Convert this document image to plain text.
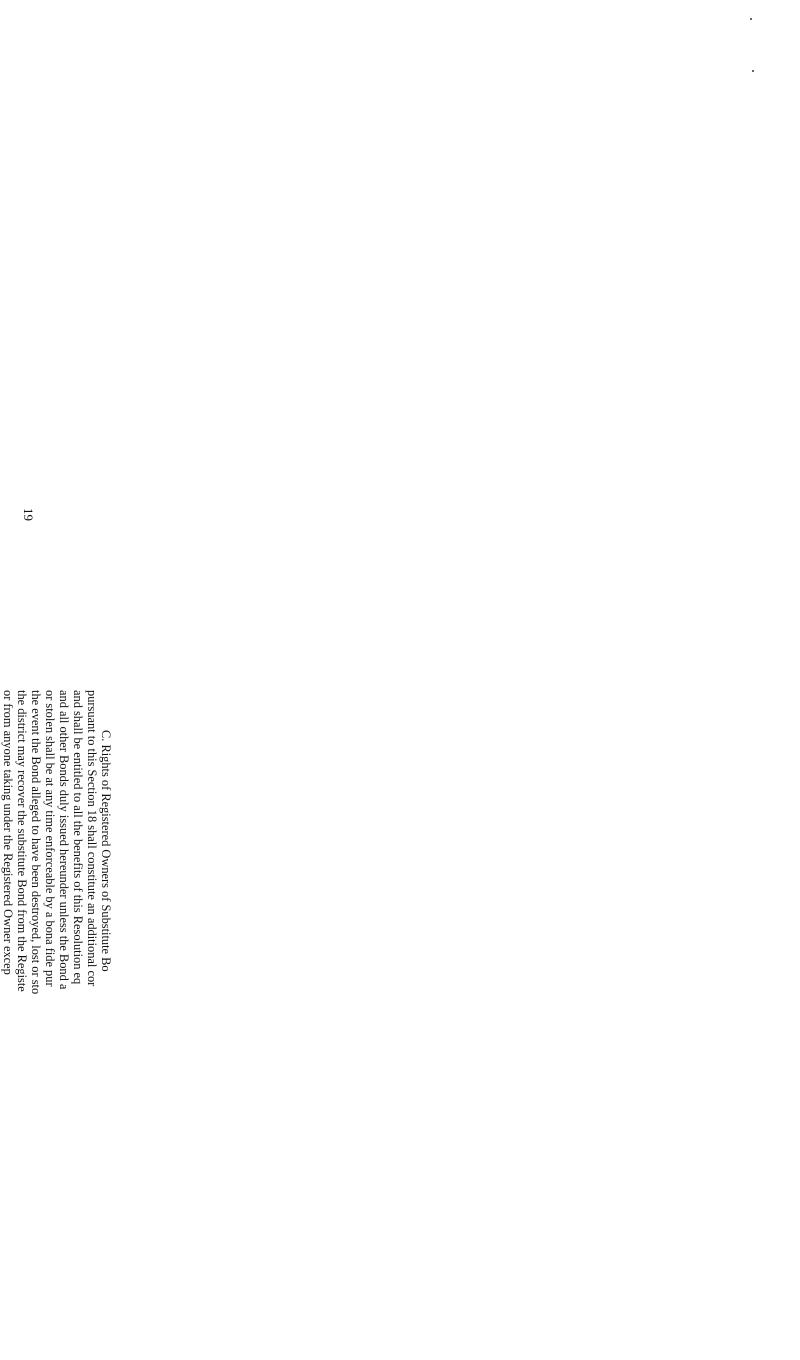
C. Rights of Registered Owners of Substitute Bo
pursuant to this Section 18 shall constitute an additional cor
and shall be entitled to all the benefits of this Resolution eq
and all other Bonds duly issued hereunder unless the Bond a
or stolen shall be at any time enforceable by a bona fide pur
the event the Bond alleged to have been destroyed, lost or sto
the district may recover the substitute Bond from the Registe
or from anyone taking under the Registered Owner excep
19
